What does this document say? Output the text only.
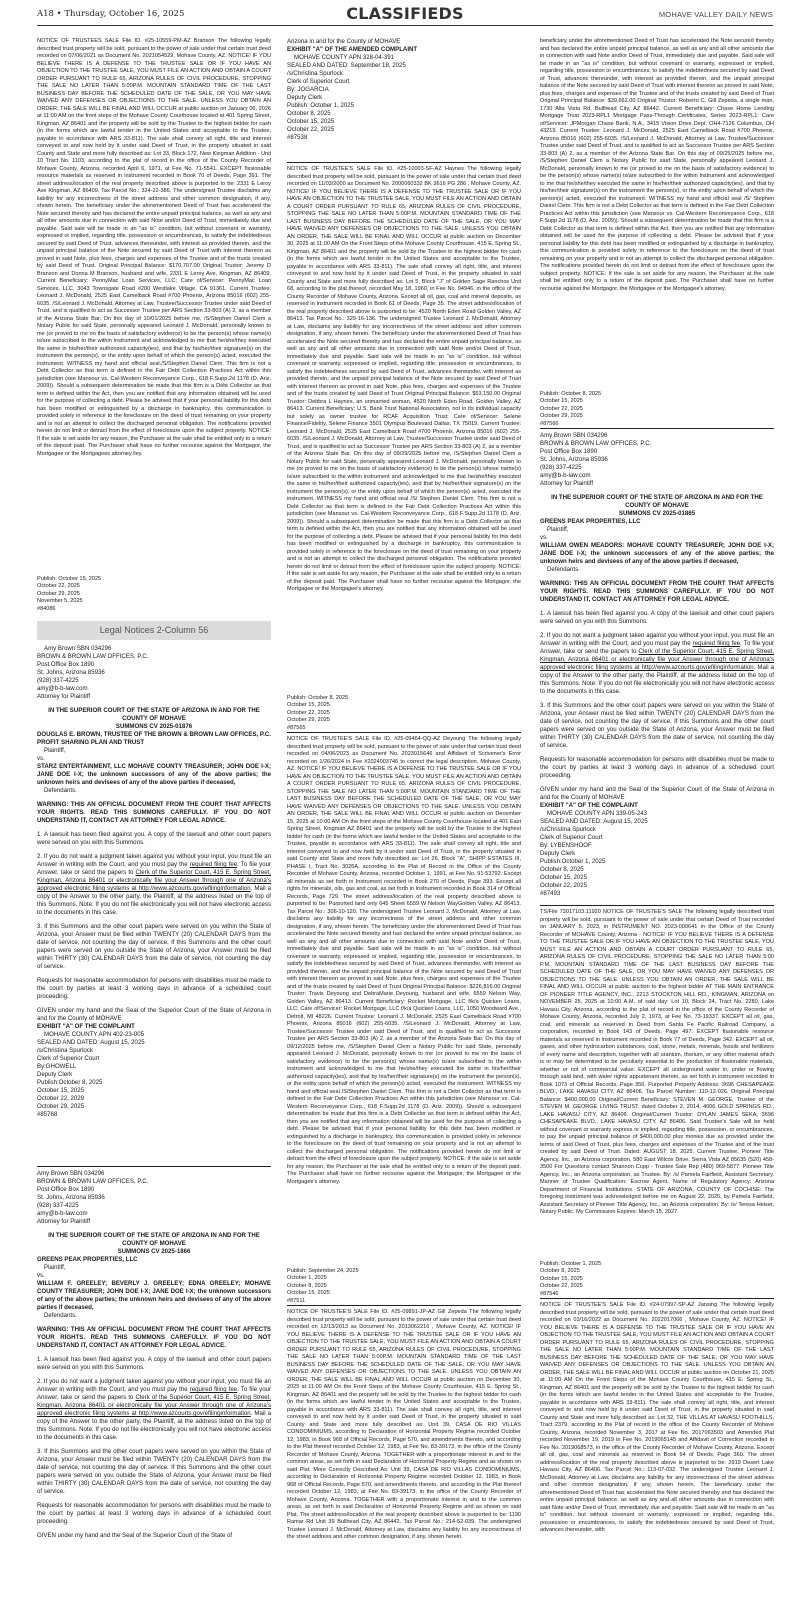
A18 • Thursday, October 16, 2025	CLASSIFIEDS	MOHAVE VALLEY DAILY NEWS

NOTICE OF TRUSTEES SALE File ID. #25-10559-PM-AZ Branson The following legally described trust property will be sold, pursuant to the power of sale under that certain trust deed recorded on 07/06/2021 as Document No. 2021054529, Mohave County, AZ. NOTICE! IF YOU BELIEVE THERE IS A DEFENSE TO THE TRUSTEE SALE OR IF YOU HAVE AN OBJECTION TO THE TRUSTEE SALE, YOU MUST FILE AN ACTION AND OBTAIN A COURT ORDER PURSUANT TO RULE 65, ARIZONA RULES OF CIVIL PROCEDURE, STOPPING THE SALE NO LATER THAN 5:00P.M. MOUNTAIN STANDARD TIME OF THE LAST BUSINESS DAY BEFORE THE SCHEDULED DATE OF THE SALE, OR YOU MAY HAVE WAIVED ANY DEFENSES OR OBJECTIONS TO THE SALE. UNLESS YOU OBTAIN AN ORDER, THE SALE WILL BE FINAL AND WILL OCCUR at public auction on January 06, 2026 at 11:00 AM on the front steps of the Mohave County Courthouse located at 401 Spring Street, Kingman, AZ 86401 and the property will be sold by the Trustee to the highest bidder for cash (in the forms which are lawful tender in the United States and acceptable to the Trustee, payable in accordance with ARS 33-811). The sale shall convey all right, title and interest conveyed to and now held by it under said Deed of Trust, in the property situated in said County and State and more fully described as: Lot 33, Block 172, New Kingman Addition - Unit 10 Tract No. 1103, according to the plat of record in the office of the County Recorder of Mohave County, Arizona, recorded April 6, 1971, at Fee No. 71-5541. EXCEPT fissionable resource materials as reserved in instrument recorded in Book 70 of Deeds, Page 391. The street address/location of the real property described above is purported to be: 2331 E Leroy Ave Kingman, AZ 86409. Tax Parcel No.: 324-22-386. The undersigned Trustee disclaims any liability for any incorrectness of the street address and other common designation, if any, shown herein. The beneficiary under the aforementioned Deed of Trust has accelerated the Note secured thereby and has declared the entire unpaid principal balance, as well as any and all other amounts due in connection with said Note and/or Deed of Trust, immediately due and payable. Said sale will be made in an "as is" condition, but without covenant or warranty, expressed or implied, regarding title, possession or encumbrances, to satisfy the indebtedness secured by said Deed of Trust, advances thereunder, with interest as provided therein, and the unpaid principal balance of the Note secured by said Deed of Trust with interest thereon as proved in said Note, plus fees, charges and expenses of the Trustee and of the trusts created by said Deed of Trust. Original Principal Balance: $170,707.00 Original Trustor: Jeremy D Branson and Donna M Branson, husband and wife, 2331 E Leroy Ave, Kingman, AZ 86409. Current Beneficiary: PennyMac Loan Services, LLC; Care of/Servicer: PennyMac Loan Services, LLC, 3043 Townsgate Road #200 Westlake Village, CA 91361. Current Trustee: Leonard J. McDonald, 2525 East Camelback Road #700 Phoenix, Arizona 85016 (602) 255-6035. /S/Leonard J. McDonald, Attorney at Law, Trustee/Successor Trustee under said Deed of Trust, and is qualified to act as Successor Trustee per ARS Section 33-803 (A) 2, as a member of the Arizona State Bar. On this day of 10/01/2025 before me, /S/Stephen Daniel Clem a Notary Public for said State, personally appeared Leonard J. McDonald, personally known to me (or proved to me on the basis of satisfactory evidence) to be the person(s) whose name(s) is/are subscribed to the within instrument and acknowledged to me that he/she/they executed the same in his/her/their authorized capacity(ies), and that by his/her/their signature(s) on the instrument the person(s), or the entity upon behalf of which the person(s) acted, executed the instrument. WITNESS my hand and official seal./S/Stephen Daniel Clem. This firm is not a Debt Collector as that term is defined in the Fair Debt Collection Practices Act within this jurisdiction (see Mansour vs. Cal-Western Reconveyance Corp., 618 F.Supp.2d 1178 (D. Ariz. 2009)). Should a subsequent determination be made that this firm is a Debt Collector as that term is defined within the Act, then you are notified that any information obtained will be used for the purpose of collecting a debt. Please be advised that if your personal liability for this debt has been modified or extinguished by a discharge in bankruptcy, this communication is provided solely in reference to the foreclosure on the deed of trust remaining on your property and is not an attempt to collect the discharged personal obligation. The notifications provided herein do not limit or detract from the effect of foreclosure upon the subject property. NOTICE: If the sale is set aside for any reason, the Purchaser at the sale shall be entitled only to a return of the deposit paid. The Purchaser shall have no further recourse against the Mortgagor, the Mortgagee or the Mortgagees attorney./ley.

Publish: October 15, 2025
October 22, 2025
October 29, 2025
November 5, 2025
#84086
Legal Notices 2-Column 56
Amy Brown SBN 034296
BROWN & BROWN LAW OFFICES, P.C.
Post Office Box 1890
St. Johns, Arizona 85936
(928) 337-4225
amy@b-b-law.com
Attorney for Plaintiff
IN THE SUPERIOR COURT OF THE STATE OF ARIZONA IN AND FOR THE COUNTY OF MOHAVE
SUMMONS CV 2025-01876
DOUGLAS E. BROWN, TRUSTEE OF THE BROWN & BROWN LAW OFFICES, P.C. PROFIT SHARING PLAN AND TRUST
Plaintiff,
vs.
STARZ ENTERTAINMENT, LLC MOHAVE COUNTY TREASURER; JOHN DOE I-X; JANE DOE I-X; the unknown successors of any of the above parties; the unknown heirs and devisees of any of the above parties if deceased,
Defendants.

WARNING: THIS AN OFFICIAL DOCUMENT FROM THE COURT THAT AFFECTS YOUR RIGHTS. READ THIS SUMMONS CAREFULLY. IF YOU DO NOT UNDERSTAND IT, CONTACT AN ATTORNEY FOR LEGAL ADVICE.

1. A lawsuit has been filed against you. A copy of the lawsuit and other court papers were served on you with this Summons.

2. If you do not want a judgment taken against you without your input, you must file an Answer in writing with the Court, and you must pay the required filing fee. To file your Answer, take or send the papers to Clerk of the Superior Court, 415 E. Spring Street, Kingman, Arizona 86401 or electronically file your Answer through one of Arizona's approved electronic filing systems at http://www.azcourts.gov/efilinginformation. Mail a copy of the Answer to the other party, the Plaintiff, at the address listed on the top of this Summons. Note: If you do not file electronically you will not have electronic access to the documents in this case.

3. If this Summons and the other court papers were served on you within the State of Arizona, your Answer must be filed within TWENTY (20) CALENDAR DAYS from the date of service, not counting the day of service. If this Summons and the other court papers were served on you outside the State of Arizona, your Answer must be filed within THIRTY (30) CALENDAR DAYS from the date of service, not counting the day of service.

Requests for reasonable accommodation for persons with disabilities must be made to the court by parties at least 3 working days in advance of a scheduled court proceeding.

GIVEN under my hand and the Seal of the Superior Court of the State of Arizona in and for the County of MOHAVE
EXHIBIT "A" OF THE COMPLAINT
MOHAVE COUNTY APN 402-23-005
SEALED AND DATED: August 15, 2025
/s/Christina Spurlock
Clerk of Superior Court
By:GHOWELL
Deputy Clerk
Publish:October 8, 2025
October 15, 2025
October 22, 2029
October 29, 2025
#85768
Amy Brown SBN 034296
BROWN & BROWN LAW OFFICES, P.C.
Post Office Box 1890
St. Johns, Arizona 85936
(928) 337-4225
amy@b-b-law.com
Attorney for Plaintiff
IN THE SUPERIOR COURT OF THE STATE OF ARIZONA IN AND FOR THE COUNTY OF MOHAVE
SUMMONS CV 2025-1866
GREENS PEAK PROPERTIES, LLC
Plaintiff,
vs.
WILLIAM F. GREELEY; BEVERLY J. GREELEY; EDNA GREELEY; MOHAVE COUNTY TREASURER; JOHN DOE I-X; JANE DOE I-X; the unknown successors of any of the above parties; the unknown heirs and devisees of any of the above parties if deceased,
Defendants.

WARNING: THIS AN OFFICIAL DOCUMENT FROM THE COURT THAT AFFECTS YOUR RIGHTS. READ THIS SUMMONS CAREFULLY. IF YOU DO NOT UNDERSTAND IT, CONTACT AN ATTORNEY FOR LEGAL ADVICE.

1. A lawsuit has been filed against you. A copy of the lawsuit and other court papers were served on you with this Summons.

2. If you do not want a judgment taken against you without your input, you must file an Answer in writing with the Court, and you must pay the required filing fee. To file your Answer, take or send the papers to Clerk of the Superior Court, 415 E. Spring Street, Kingman, Arizona 86401 or electronically file your Answer through one of Arizona's approved electronic filing systems at http://www.azcourts.gov/efilinginformation. Mail a copy of the Answer to the other party, the Plaintiff, at the address listed on the top of this Summons. Note: If you do not file electronically you will not have electronic access to the documents in this case.

3. If this Summons and the other court papers were served on you within the State of Arizona, your Answer must be filed within TWENTY (20) CALENDAR DAYS from the date of service, not counting the day of service. If this Summons and the other court papers were served on you outside the State of Arizona, your Answer must be filed within THIRTY (30) CALENDAR DAYS from the date of service, not counting the day of service.

Requests for reasonable accommodation for persons with disabilities must be made to the court by parties at least 3 working days in advance of a scheduled court proceeding.

GIVEN under my hand and the Seal of the Superior Court of the State of
Arizona in and for the County of MOHAVE
EXHIBIT "A" OF THE AMENDED COMPLAINT
MOHAVE COUNTY APN 328-04-391
SEALED AND DATED: September 18, 2025
/s/Christina Spurlock
Clerk of Superior Court
By: JOGARCIA
Deputy Clerk
Publish: October 1, 2025
October 8, 2025
October 15, 2025
October 22, 2025
#87538

NOTICE OF TRUSTEE'S SALE File ID. #25-10003-SF-AZ Haynes The following legally described trust property will be sold, pursuant to the power of sale under that certain trust deed recorded on 11/03/2000 as Document No. 2000060332 BK 3616 PG 286 , Mohave County, AZ. NOTICE! IF YOU BELIEVE THERE IS A DEFENSE TO THE TRUSTEE SALE OR IF YOU HAVE AN OBJECTION TO THE TRUSTEE SALE, YOU MUST FILE AN ACTION AND OBTAIN A COURT ORDER PURSUANT TO RULE 65, ARIZONA RULES OF CIVIL PROCEDURE, STOPPING THE SALE NO LATER THAN 5:00P.M. MOUNTAIN STANDARD TIME OF THE LAST BUSINESS DAY BEFORE THE SCHEDULED DATE OF THE SALE, OR YOU MAY HAVE WAIVED ANY DEFENSES OR OBJECTIONS TO THE SALE. UNLESS YOU OBTAIN AN ORDER, THE SALE WILL BE FINAL AND WILL OCCUR at public auction on December 30, 2025 at 11:00 AM On the Front Steps of the Mohave County Courthouse, 415 E. Spring St., Kingman, AZ 86401 and the property will be sold by the Trustee to the highest bidder for cash (in the forms which are lawful tender in the United States and acceptable to the Trustee, payable in accordance with ARS 33-811). The sale shall convey all right, title, and interest conveyed to and now held by it under said Deed of Trust, in the property situated in said County and State and more fully described as: Lot 5, Block "J" of Golden Sage Ranchos Unit 68, according to the plat thereof, recorded May 18, 1960, in Fee No. 94946, in the office of the County Recorder of Mohave County, Arizona. Except all oil, gas, coal and mineral deposits, as reserved in instrument recorded in Book 61 of Deeds, Page 35. The street address/location of the real property described above is purported to be: 4520 North Eden Road Golden Valley, AZ 86413. Tax Parcel No.: 329-16-136. The undersigned Trustee Leonard J. McDonald, Attorney at Law, disclaims any liability for any incorrectness of the street address and other common designation, if any, shown herein. The beneficiary under the aforementioned Deed of Trust has accelerated the Note secured thereby and has declared the entire unpaid principal balance, as well as any and all other amounts due in connection with said Note and/or Deed of Trust, immediately due and payable. Said sale will be made in an "as is" condition, but without covenant or warranty, expressed or implied, regarding title, possession or encumbrances, to satisfy the indebtedness secured by said Deed of Trust, advances thereunder, with interest as provided therein, and the unpaid principal balance of the Note secured by said Deed of Trust with interest thereon as proved in said Note, plus fees, charges and expenses of the Trustee and of the trusts created by said Deed of Trust Original Principal Balance: $53,150.00 Original Trustor: Debbra L Haynes, an unmarried woman, 4520 North Eden Road, Golden Valley, AZ 86413. Current Beneficiary: U.S. Bank Trust National Association, not in its individual capacity but solely as owner trustee for RCAF Acquisition Trust; Care of/Servicer: Selene Finance/Fidelity, Selene Finance 3501 Olympus Boulevard Dallas, TX 75019. Current Trustee: Leonard J. McDonald, 2525 East Camelback Road #700 Phoenix, Arizona 85016 (602) 255-6035. /S/Leonard J. McDonald, Attorney at Law, Trustee/Successor Trustee under said Deed of Trust, and is qualified to act as Successor Trustee per ARS Section 33-803 (A) 2, as a member of the Arizona State Bar. On this day of 09/29/2025 before me, /S/Stephen Daniel Clem a Notary Public for said State, personally appeared Leonard J. McDonald, personally known to me (or proved to me on the basis of satisfactory evidence) to be the person(s) whose name(s) is/are subscribed to the within instrument and acknowledged to me that he/she/they executed the same in his/her/their authorized capacity(ies), and that by his/her/their signature(s) on the instrument the person(s), or the entity upon behalf of which the person(s) acted, executed the instrument. WITNESS my hand and official seal /S/ Stephen Daniel Clem. This firm is not a Debt Collector as that term is defined in the Fair Debt Collection Practices Act within this jurisdiction (see Mansour vs. Cal-Western Reconveyance Corp., 618 F.Supp.2d 1178 (D. Ariz. 2009)). Should a subsequent determination be made that this firm is a Debt Collector as that term is defined within the Act, then you are notified that any information obtained will be used for the purpose of collecting a debt. Please be advised that if your personal liability for this debt has been modified or extinguished by a discharge in bankruptcy, this communication is provided solely in reference to the foreclosure on the deed of trust remaining on your property and is not an attempt to collect the discharged personal obligation. The notifications provided herein do not limit or detract from the effect of foreclosure upon the subject property. NOTICE: If the sale is set aside for any reason, the Purchaser at the sale shall be entitled only to a return of the deposit paid. The Purchaser shall have no further recourse against the Mortgagor, the Mortgagee or the Mortgagee's attorney.

Publish: October 8, 2025
October 15, 2025
October 22, 2025
October 29, 2025
#87565

NOTICE OF TRUSTEE'S SALE File ID. #25-09464-QQ-AZ Deyoung The following legally described trust property will be sold, pursuant to the power of sale under that certain trust deed recorded on 04/06/2023 as Document No. 2023015646 and Affidavit of Scrivener's Error recorded on 1/26/2024 in Fee #2024003746 to correct the legal description, Mohave County, AZ. NOTICE! IF YOU BELIEVE THERE IS A DEFENSE TO THE TRUSTEE SALE OR IF YOU HAVE AN OBJECTION TO THE TRUSTEE SALE, YOU MUST FILE AN ACTION AND OBTAIN A COURT ORDER PURSUANT TO RULE 65, ARIZONA RULES OF CIVIL PROCEDURE, STOPPING THE SALE NO LATER THAN 5:00P.M. MOUNTAIN STANDARD TIME OF THE LAST BUSINESS DAY BEFORE THE SCHEDULED DATE OF THE SALE, OR YOU MAY HAVE WAIVED ANY DEFENSES OR OBJECTIONS TO THE SALE. UNLESS YOU OBTAIN AN ORDER, THE SALE WILL BE FINAL AND WILL OCCUR at public auction on December 15, 2025 at 10:00 AM On the front steps of the Mohave County Courthouse located at 401 East Spring Street, Kingman AZ 86401 and the property will be sold by the Trustee to the highest bidder for cash (in the forms which are lawful tender in the United States and acceptable to the Trustee, payable in accordance with ARS 33-811). The sale shall convey all right, title and interest conveyed to and now held by it under said Deed of Trust, in the property situated in said County and State and more fully described as: Lot 26, Block "A", SHIPP ESTATES III, PHASE I, Tract No. 3026A, according to the Plat of Record in the Office of the County Recorder of Mohave County, Arizona, recorded October 1, 1991, at Fee No. 91-53792. Except all minerals as set forth in Instrument recorded in Book 270 of Deeds, Page 393. Except all rights for minerals, oils, gas and coal, as set forth in Instrument recorded in Book 314 of Official Records, Page 729. The street address/location of the real property described above is purported to be: Purported land only 645 Sheet 6559 W Nelson WayGolden Valley, AZ 86413. Tax Parcel No.: 306-10-120. The undersigned Trustee Leonard J. McDonald, Attorney at Law, disclaims any liability for any incorrectness of the street address and other common designation, if any, shown herein. The beneficiary under the aforementioned Deed of Trust has accelerated the Note secured thereby and has declared the entire unpaid principal balance, as well as any and all other amounts due in connection with said Note and/or Deed of Trust, immediately due and payable. Said sale will be made in an "as is" condition, but without covenant or warranty, expressed or implied, regarding title, possession or encumbrances, to satisfy the indebtedness secured by said Deed of Trust, advances thereunder, with interest as provided therein, and the unpaid principal balance of the Note secured by said Deed of Trust with interest thereon as proved in said Note, plus fees, charges and expenses of the Trustee and of the trusts created by said Deed of Trust Original Principal Balance: $226,816.00 Original Trustor: Travis Deyoung and DebraMarie Deyoung, husband and wife, 6559 Nelson Way, Golden Valley, AZ 86413. Current Beneficiary: Rocket Mortgage, LLC f/k/a Quicken Loans, LLC; Care of/Servicer: Rocket Mortgage, LLC f/k/a Quicken Loans, LLC, 1050 Woodward Ave., Detroit, MI 48226. Current Trustee: Leonard J. McDonald, 2525 East Camelback Road #700 Phoenix, Arizona 85016 (602) 255-6035. /S/Leonard J. McDonald, Attorney at Law, Trustee/Successor Trustee under said Deed of Trust, and is qualified to act as Successor Trustee per ARS Section 33-803 (A) 2, as a member of the Arizona State Bar. On this day of 09/12/2025 before me, /S/Stephen Daniel Clem a Notary Public for said State, personally appeared Leonard J. McDonald, personally known to me (or proved to me on the basis of satisfactory evidence) to be the person(s) whose name(s) is/are subscribed to the within instrument and acknowledged to me that he/she/they executed the same in his/her/their authorized capacity(ies), and that by his/her/their signature(s) on the instrument the person(s), or the entity upon behalf of which the person(s) acted, executed the instrument. WITNESS my hand and official seal /S/Stephen Daniel Clem. This firm is not a Debt Collector as that term is defined in the Fair Debt Collection Practices Act within this jurisdiction (see Mansour vs. Cal-Western Reconveyance Corp., 618 F.Supp.2d 1178 (D. Ariz. 2009)). Should a subsequent determination be made that this firm is a Debt Collector as that term is defined within the Act, then you are notified that any information obtained will be used for the purpose of collecting a debt. Please be advised that if your personal liability for this debt has been modified or extinguished by a discharge in bankruptcy, this communication is provided solely in reference to the foreclosure on the deed of trust remaining on your property and is not an attempt to collect the discharged personal obligation. The notifications provided herein do not limit or detract from the effect of foreclosure upon the subject property. NOTICE: If the sale is set aside for any reason, the Purchaser at the sale shall be entitled only to a return of the deposit paid. The Purchaser shall have no further recourse against the Mortgagor, the Mortgagee or the Mortgagee's attorney.

Publish: September 24, 2025
October 1, 2025
October 8, 2025
October 15, 2025
#87511

NOTICE OF TRUSTEE'S SALE File ID. #25-09891-JP-AZ Gill Zepeda The following legally described trust property will be sold, pursuant to the power of sale under that certain trust deed recorded on 12/13/2013 as Document No. 2013062216 , Mohave County, AZ. NOTICE! IF YOU BELIEVE THERE IS A DEFENSE TO THE TRUSTEE SALE OR IF YOU HAVE AN OBJECTION TO THE TRUSTEE SALE, YOU MUST FILE AN ACTION AND OBTAIN A COURT ORDER PURSUANT TO RULE 65, ARIZONA RULES OF CIVIL PROCEDURE, STOPPING THE SALE NO LATER THAN 5:00P.M. MOUNTAIN STANDARD TIME OF THE LAST BUSINESS DAY BEFORE THE SCHEDULED DATE OF THE SALE, OR YOU MAY HAVE WAIVED ANY DEFENSES OR OBJECTIONS TO THE SALE. UNLESS YOU OBTAIN AN ORDER, THE SALE WILL BE FINAL AND WILL OCCUR at public auction on December 30, 2025 at 11:00 AM On the Front Steps of the Mohave County Courthouse, 415 E. Spring St., Kingman, AZ 86401 and the property will be sold by the Trustee to the highest bidder for cash (in the forms which are lawful tender in the United States and acceptable to the Trustee, payable in accordance with ARS 33-811). The sale shall convey all right, title, and interest conveyed to and now held by it under said Deed of Trust, in the property situated in said County and State and more fully described as: Unit 39, CASA DE RIO VILLAS CONDOMINIUMS, according to Declaration of Horizontal Property Regime recorded October 12, 1983, in Book 968 of Official Records, Page 570, and amendments thereto, and according to the Plat thereof recorded October 12, 1983, at Fee No. 83-39173, in the office of the County Recorder of Mohave County, Arizona. TOGETHER with a proportionate interest in and to the common areas, as set forth in said Declaration of Horizontal Property Regime and as shown on said Plat. More Correctly Described As: Unit 39, CASA DE RIO VILLAS CONDOMINIUMS, according to Declaration of Horizontal Property Regime recorded October 12, 1983, in Book 968 of Official Records, Page 570, and amendments thereto, and according to the Plat thereof recorded October 12, 1983, at Fee No. 83-39173, in the office of the County Recorder of Mohave County, Arizona. TOGETHER with a proportionate interest in and to the common areas, as set forth in said Declaration of Horizontal Property Regime and as shown on said Plat. The street address/location of the real property described above is purported to be: 1190 Ramar Rd Unit 39 Bullhead City, AZ 86442. Tax Parcel No.: 214-52-039. The undersigned Trustee Leonard J. McDonald, Attorney at Law, disclaims any liability for any incorrectness of the street address and other common designation, if any, shown herein.

beneficiary under the aforementioned Deed of Trust has accelerated the Note secured thereby and has declared the entire unpaid principal balance, as well as any and all other amounts due in connection with said Note and/or Deed of Trust, immediately due and payable. Said sale will be made in an "as is" condition, but without covenant or warranty, expressed or implied, regarding title, possession or encumbrances, to satisfy the indebtedness secured by said Deed of Trust, advances thereunder, with interest as provided therein, and the unpaid principal balance of the Note secured by said Deed of Trust with interest thereon as proved in said Note, plus fees, charges and expenses of the Trustee and of the trusts created by said Deed of Trust Original Principal Balance: $39,662.00 Original Trustor: Roberto C. Gill Zepeda, a single man, 1730 Alta Vista Rd, Bullhead City, AZ 86442. Current Beneficiary: Chase Home Lending Mortgage Trust 2023-RPL1 Mortgage Pass-Through Certificates, Series 2023-RPL1; Care of/Servicer: JPMorgan Chase Bank, N.A., 3415 Vision Drive Dept. OH4-7126 Columbus, OH 43219. Current Trustee: Leonard J. McDonald, 2525 East Camelback Road #700 Phoenix, Arizona 85016 (602) 255-6035. /S/Leonard J. McDonald, Attorney at Law, Trustee/Successor Trustee under said Deed of Trust, and is qualified to act as Successor Trustee per ARS Section 33-803 (A) 2, as a member of the Arizona State Bar. On this day of 09/25/2025 before me, /S/Stephen Daniel Clem a Notary Public for said State, personally appeared Leonard J. McDonald, personally known to me (or proved to me on the basis of satisfactory evidence) to be the person(s) whose name(s) is/are subscribed to the within instrument and acknowledged to me that he/she/they executed the same in his/her/their authorized capacity(ies), and that by his/her/their signature(s) on the instrument the person(s), or the entity upon behalf of which the person(s) acted, executed the instrument. WITNESS my hand and official seal /S/ Stephen Daniel Clem. This firm is not a Debt Collector as that term is defined in the Fair Debt Collection Practices Act within this jurisdiction (see Mansour vs. Cal-Western Reconveyance Corp., 618 F.Supp.2d 1178 (D. Ariz. 2009)). Should a subsequent determination be made that this firm is a Debt Collector as that term is defined within the Act, then you are notified that any information obtained will be used for the purpose of collecting a debt. Please be advised that if your personal liability for this debt has been modified or extinguished by a discharge in bankruptcy, this communication is provided solely in reference to the foreclosure on the deed of trust remaining on your property and is not an attempt to collect the discharged personal obligation. The notifications provided herein do not limit or detract from the effect of foreclosure upon the subject property. NOTICE: If the sale is set aside for any reason, the Purchaser at the sale shall be entitled only to a return of the deposit paid. The Purchaser shall have no further recourse against the Mortgagor, the Mortgagee or the Mortgagee's attorney.

Publish: October 8, 2025
October 15, 2025
October 22, 2025
October 29, 2025
#87566
Amy Brown SBN 034296
BROWN & BROWN LAW OFFICES, P.C.
Post Office Box 1890
St. Johns, Arizona 85936
(928) 337-4225
amy@b-b-law.com
Attorney for Plaintiff
IN THE SUPERIOR COURT OF THE STATE OF ARIZONA IN AND FOR THE COUNTY OF MOHAVE
SUMMONS CV 2025-01865
GREENS PEAK PROPERTIES, LLC
Plaintiff,
vs.
WILLIAM OWEN MEADORS: MOHAVE COUNTY TREASURER; JOHN DOE I-X; JANE DOE I-X; the unknown successors of any of the above parties; the unknown heirs and devisees of any of the above parties if deceased,
Defendants.

WARNING: THIS AN OFFICIAL DOCUMENT FROM THE COURT THAT AFFECTS YOUR RIGHTS. READ THIS SUMMONS CAREFULLY. IF YOU DO NOT UNDERSTAND IT, CONTACT AN ATTORNEY FOR LEGAL ADVICE.

1. A lawsuit has been filed against you. A copy of the lawsuit and other court papers were served on you with this Summons.

2. If you do not want a judgment taken against you without your input, you must file an Answer in writing with the Court, and you must pay the required filing fee. To file your Answer, take or send the papers to Clerk of the Superior Court, 415 E. Spring Street, Kingman, Arizona 86401 or electronically file your Answer through one of Arizona's approved electronic filing systems at http://www.azcourts.gov/efilinginformation. Mail a copy of the Answer to the other party, the Plaintiff, at the address listed on the top of this Summons. Note: If you do not file electronically you will not have electronic access to the documents in this case.

3. If this Summons and the other court papers were served on you within the State of Arizona, your Answer must be filed within TWENTY (20) CALENDAR DAYS from the date of service, not counting the day of service. If this Summons and the other court papers were served on you outside the State of Arizona, your Answer must be filed within THIRTY (30) CALENDAR DAYS from the date of service, not counting the day of service.

Requests for reasonable accommodation for persons with disabilities must be made to the court by parties at least 3 working days in advance of a scheduled court proceeding.

GIVEN under my hand and the Seal of the Superior Court of the State of Arizona in and for the County of MOHAVE
EXHIBIT "A" OF THE COMPLAINT
MOHAVE COUNTY APN 339-05-243
SEALED AND DATED: August 15, 2025
/s/Christina Spurlock
Clerk of Superior Court
By: LYBENSHOOF
Deputy Clerk
Publish:October 1, 2025
October 8, 2025
October 15, 2025
October 22, 2025
#87493

TS/File 73017103.11920 NOTICE OF TRUSTEE'S SALE The following legally described trust property will be sold, pursuant to the power of sale under that certain Deed of Trust recorded on JANUARY 5, 2023, in INSTRUMENT NO. 2023-000641 in the Office of the County Recorder of MOHAVE County, Arizona - NOTICE! IF YOU BELIEVE THERE IS A DEFENSE TO THE TRUSTEE SALE OR IF YOU HAVE AN OBJECTION TO THE TRUSTEE SALE, YOU MUST FILE AN ACTION AND OBTAIN A COURT ORDER PURSUANT TO RULE 65, ARIZONA RULES OF CIVIL PROCEDURE, STOPPING THE SALE NO LATER THAN 5:00 P.M. MOUNTAIN STANDARD TIME OF THE LAST BUSINESS DAY BEFORE THE SCHEDULED DATE OF THE SALE, OR YOU MAY HAVE WAIVED ANY DEFENSES OR OBJECTIONS TO THE SALE. UNLESS YOU OBTAIN AN ORDER, THE SALE WILL BE FINAL AND WILL OCCUR at public auction to the highest bidder AT THE MAIN ENTRANCE OF PIONEER TITLE AGENCY, INC., 2213 STOCKTON HILL RD., KINGMAN, ARIZONA on NOVEMBER 25, 2025 at 10:00 A.M. of said day: Lot 10, Block 24, Tract No. 2280, Lake Havasu City, Arizona, according to the plat of record in the office of the County Recorder of Mohave County, Arizona, recorded July 2, 1973, at Fee No. 73-19337. EXCEPT all oil, gas, coal, and minerals as reserved in Deed from Santa Fe Pacific Railroad Company, a corporation, recorded in Book 143 of Deeds, Page 497. EXCEPT fissionable resource materials as reserved in instrument recorded in Book 77 of Deeds, Page 342. EXCEPT all oil, gases, and other hydrocarbon substances, coal, stone, metals, minerals, fossils and fertilizers of every name and description, together with all uranium, thorium, or any other material which is or may be determined to be peculiarly essential to the production of fissionable materials, whether or not of commercial value. EXCEPT all underground water in, under or flowing through said land, with water rights appurtenant thereto, as set forth in instrument recorded in Book 1073 of Official Records, Page 356. Purported Property Address: 3696 CHESAPEAKE BLVD., LAKE HAVASU CITY, AZ 86406. Tax Parcel Number: 110-12-026. Original Principal Balance: $400,000.00 Original/Current Beneficiary: STEVEN M. GEORGE, Trustee of the STEVEN M. GEORGE LIVING TRUST, dated October 2, 2014, 4006 GOLD SPRINGS RD., LAKE HAVASU CITY, AZ 86406. Original/Current Trustor: DYLAN JAMES SEKA, 3696 CHESAPEAKE BLVD., LAKE HAVASU CITY, AZ 86406. Said Trustee's Sale will be held without covenant or warranty express or implied, regarding title, possession, or encumbrances, to pay the unpaid principal balance of $400,000.00 plus monies due as provided under the terms of said Deed of Trust, plus fees, charges and expenses of the Trustee and of the trust created by said Deed of Trust. Dated: AUGUST 18, 2025. Current Trustee: Pioneer Title Agency, Inc., an Arizona corporation, 580 East Wilcox Drive, Sierra Vista AZ 85635 (520) 458-3500 For Questions contact Shannon Copp - Trustee Sale Rep (480) 969-5877. Pioneer Title Agency, Inc., an Arizona corporation, as Trustee. By: /s/ Pamela Fairfield, Assistant Secretary. Manner of Trustee Qualification: Escrow Agent. Name of Regulatory Agency: Arizona Department of Financial Institutions. STATE OF ARIZONA, COUNTY OF COCHISE: The foregoing instrument was acknowledged before me on August 22, 2025, by Pamela Fairfield, Assistant Secretary of Pioneer Title Agency, Inc., an Arizona corporation. By: /s/ Teresa Heiser, Notary Public. My Commission Expires: March 15, 2027.

Publish: October 1, 2025
October 8, 2025
October 15, 2025
October 22, 2025
#87546

NOTICE OF TRUSTEE'S SALE File ID. #24-07997-SP-AZ Jansing The following legally described trust property will be sold, pursuant to the power of sale under that certain trust deed recorded on 03/16/2022 as Document No. 2022017066 , Mohave County, AZ. NOTICE! IF YOU BELIEVE THERE IS A DEFENSE TO THE TRUSTEE SALE OR IF YOU HAVE AN OBJECTION TO THE TRUSTEE SALE, YOU MUST FILE AN ACTION AND OBTAIN A COURT ORDER PURSUANT TO RULE 65, ARIZONA RULES OF CIVIL PROCEDURE, STOPPING THE SALE NO LATER THAN 5:00P.M. MOUNTAIN STANDARD TIME OF THE LAST BUSINESS DAY BEFORE THE SCHEDULED DATE OF THE SALE, OR YOU MAY HAVE WAIVED ANY DEFENSES OR OBJECTIONS TO THE SALE. UNLESS YOU OBTAIN AN ORDER, THE SALE WILL BE FINAL AND WILL OCCUR at public auction on October 21, 2025 at 11:00 AM On the Front Steps of the Mohave County Courthouse, 415 E. Spring St., Kingman, AZ 86401 and the property will be sold by the Trustee to the highest bidder for cash (in the forms which are lawful tender in the United States and acceptable to the Trustee, payable in accordance with ARS 33-811). The sale shall convey all right, title, and interest conveyed to and now held by it under said Deed of Trust, in the property situated in said County and State and more fully described as: Lot 32, THE VILLAS AT HAVASU FOOTHILLS, Tract 2379, according to the Plat of record in the office of the County Recorder of Mohave County, Arizona, recorded November 3, 2017 at Fee No. 2017063503 and Amended Plat recorded November 19, 2019 in Fee No. 2019065145 and Affidavit of Correction recorded in Fee No. 2019068573, in the office of the County Recorder of Mohave County, Arizona. Except all oil, gas, coal and minerals as reserved in Book 64 of Deeds, Page 360. The street address/location of the real property described above is purported to be: 2919 Desert Lake Havasu City, AZ 86406. Tax Parcel No.: 113-07-032. The undersigned Trustee Leonard J. McDonald, Attorney at Law, disclaims any liability for any incorrectness of the street address and other common designation, if any, shown herein. The beneficiary under the aforementioned Deed of Trust has accelerated the Note secured thereby and has declared the entire unpaid principal balance, as well as any and all other amounts due in connection with said Note and/or Deed of Trust, immediately due and payable. Said sale will be made in an "as is" condition, but without covenant or warranty, expressed or implied, regarding title, possession or encumbrances, to satisfy the indebtedness secured by said Deed of Trust, advances thereunder, with
